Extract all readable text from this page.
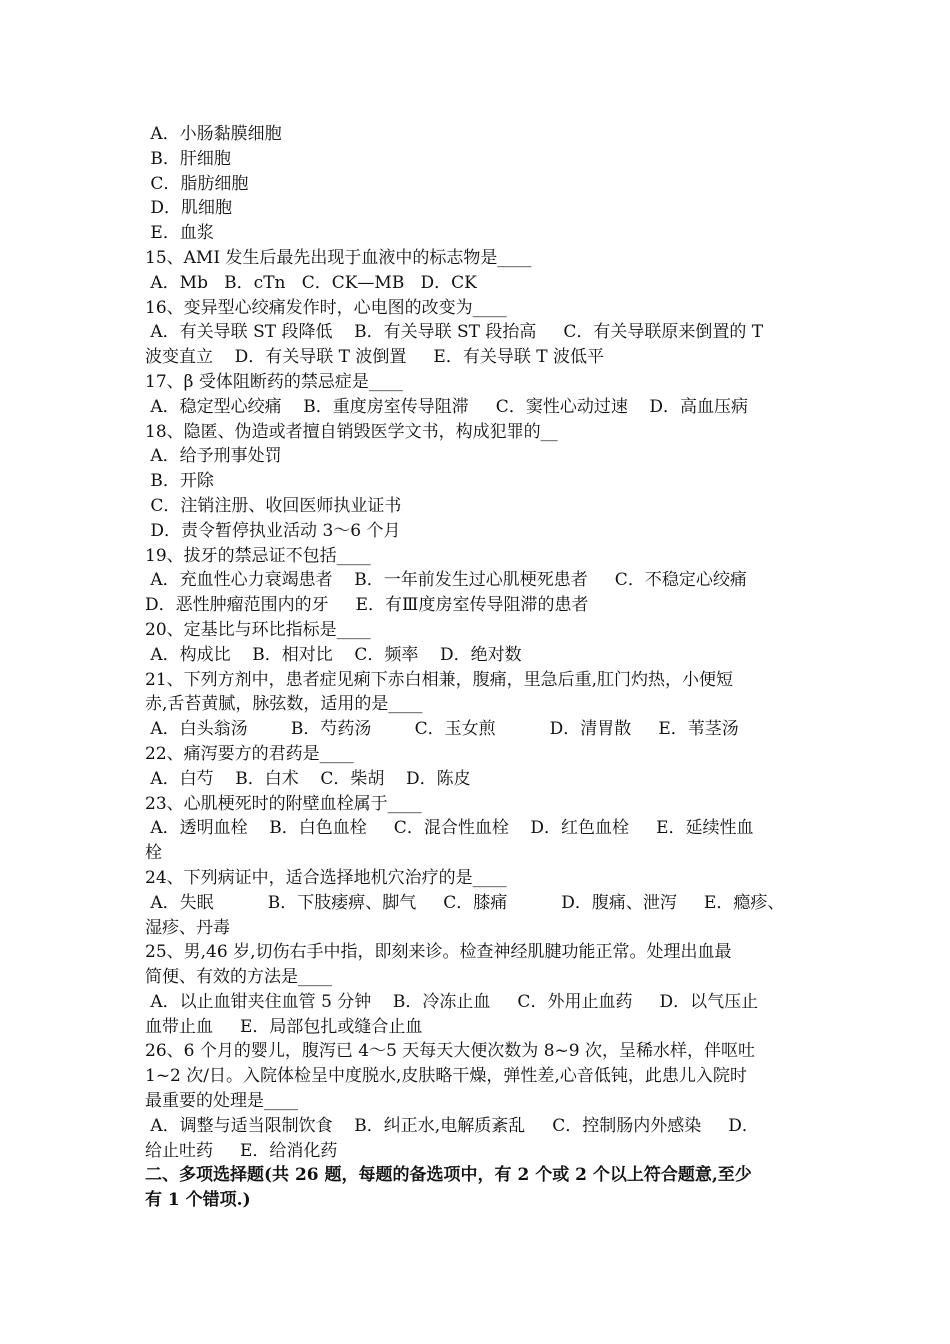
A．小肠黏膜细胞
B．肝细胞
C．脂肪细胞
D．肌细胞
E．血浆
15、AMI 发生后最先出现于血液中的标志物是____
A．Mb   B．cTn   C．CK—MB   D．CK
16、变异型心绞痛发作时，心电图的改变为____
A．有关导联 ST 段降低    B．有关导联 ST 段抬高     C．有关导联原来倒置的 T
波变直立    D．有关导联 T 波倒置     E．有关导联 T 波低平
17、β 受体阻断药的禁忌症是____
A．稳定型心绞痛    B．重度房室传导阻滞     C．窦性心动过速    D．高血压病
18、隐匿、伪造或者擅自销毁医学文书，构成犯罪的__
A．给予刑事处罚
B．开除
C．注销注册、收回医师执业证书
D．责令暂停执业活动 3～6 个月
19、拔牙的禁忌证不包括____
A．充血性心力衰竭患者    B．一年前发生过心肌梗死患者     C．不稳定心绞痛
D．恶性肿瘤范围内的牙     E．有Ⅲ度房室传导阻滞的患者
20、定基比与环比指标是____
A．构成比    B．相对比    C．频率    D．绝对数
21、下列方剂中，患者症见痢下赤白相兼，腹痛，里急后重,肛门灼热，小便短
赤,舌苔黄腻，脉弦数，适用的是____
A．白头翁汤        B．芍药汤        C．玉女煎          D．清胃散     E．苇茎汤
22、痛泻要方的君药是____
A．白芍    B．白术    C．柴胡    D．陈皮
23、心肌梗死时的附壁血栓属于____
A．透明血栓    B．白色血栓     C．混合性血栓    D．红色血栓     E．延续性血
栓
24、下列病证中，适合选择地机穴治疗的是____
A．失眠          B．下肢痿痹、脚气     C．膝痛          D．腹痛、泄泻     E．瘾疹、
湿疹、丹毒
25、男,46 岁,切伤右手中指，即刻来诊。检查神经肌腱功能正常。处理出血最
简便、有效的方法是____
A．以止血钳夹住血管 5 分钟    B．冷冻止血     C．外用止血药     D．以气压止
血带止血     E．局部包扎或缝合止血
26、6 个月的婴儿，腹泻已 4～5 天每天大便次数为 8~9 次，呈稀水样，伴呕吐
1~2 次/日。入院体检呈中度脱水,皮肤略干燥，弹性差,心音低钝，此患儿入院时
最重要的处理是____
A．调整与适当限制饮食    B．纠正水,电解质紊乱     C．控制肠内外感染     D．
给止吐药     E．给消化药
二、多项选择题(共 26 题，每题的备选项中，有 2 个或 2 个以上符合题意,至少
有 1 个错项.)
